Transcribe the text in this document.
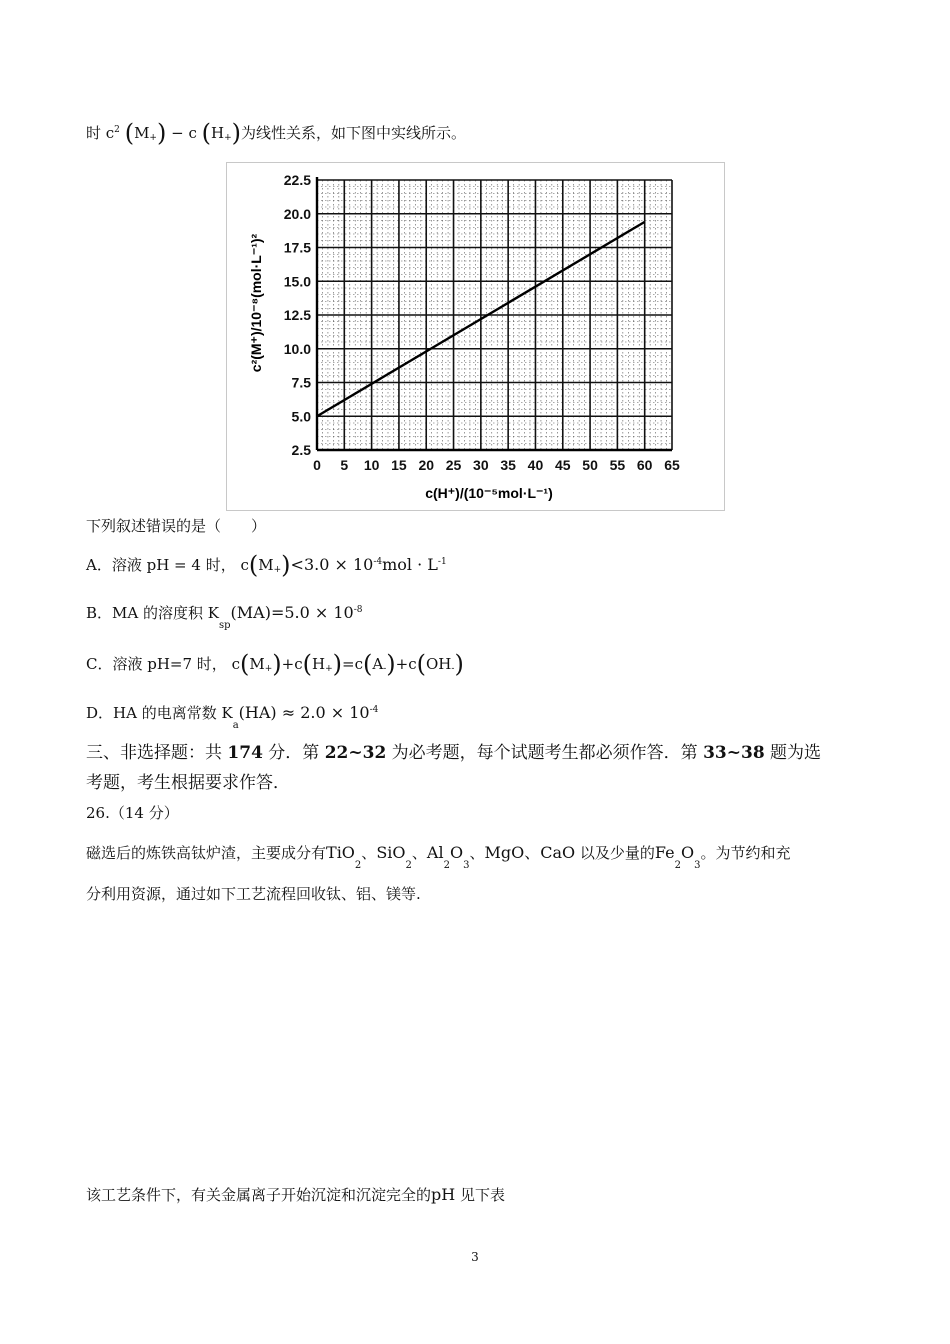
时 $c^2$ (M+) − c (H+)为线性关系，如下图中实线所示。
0 5 10 15 20 25 30 35 40 45 50 55 60 65
2.5
5.0
7.5
10.0
12.5
15.0
17.5
20.0
22.5
c²(M⁺)/10⁻⁸(mol·L⁻¹)²
c(H⁺)/(10⁻⁵mol·L⁻¹)
下列叙述错误的是（　　）
A．溶液 pH = 4 时， $c(M+)<3.0 \times 10^{-4}mol \cdot L^{-1}$
B．MA 的溶度积 $K_{sp}(MA)=5.0 \times 10^{-8}$
C．溶液 pH=7 时， c(M+)+c(H+)=c(A-)+c(OH-)
D．HA 的电离常数 $K_a(HA) \approx 2.0 \times 10^{-4}$
三、非选择题：共 174 分．第 22~32 为必考题，每个试题考生都必须作答．第 33~38 题为选
考题，考生根据要求作答．
26.（14 分）
磁选后的炼铁高钛炉渣，主要成分有TiO$_2$、SiO$_2$、$Al_2O_3$、MgO、CaO 以及少量的$Fe_2O_3$。为节约和充
分利用资源，通过如下工艺流程回收钛、铝、镁等.
该工艺条件下，有关金属离子开始沉淀和沉淀完全的pH 见下表
3
